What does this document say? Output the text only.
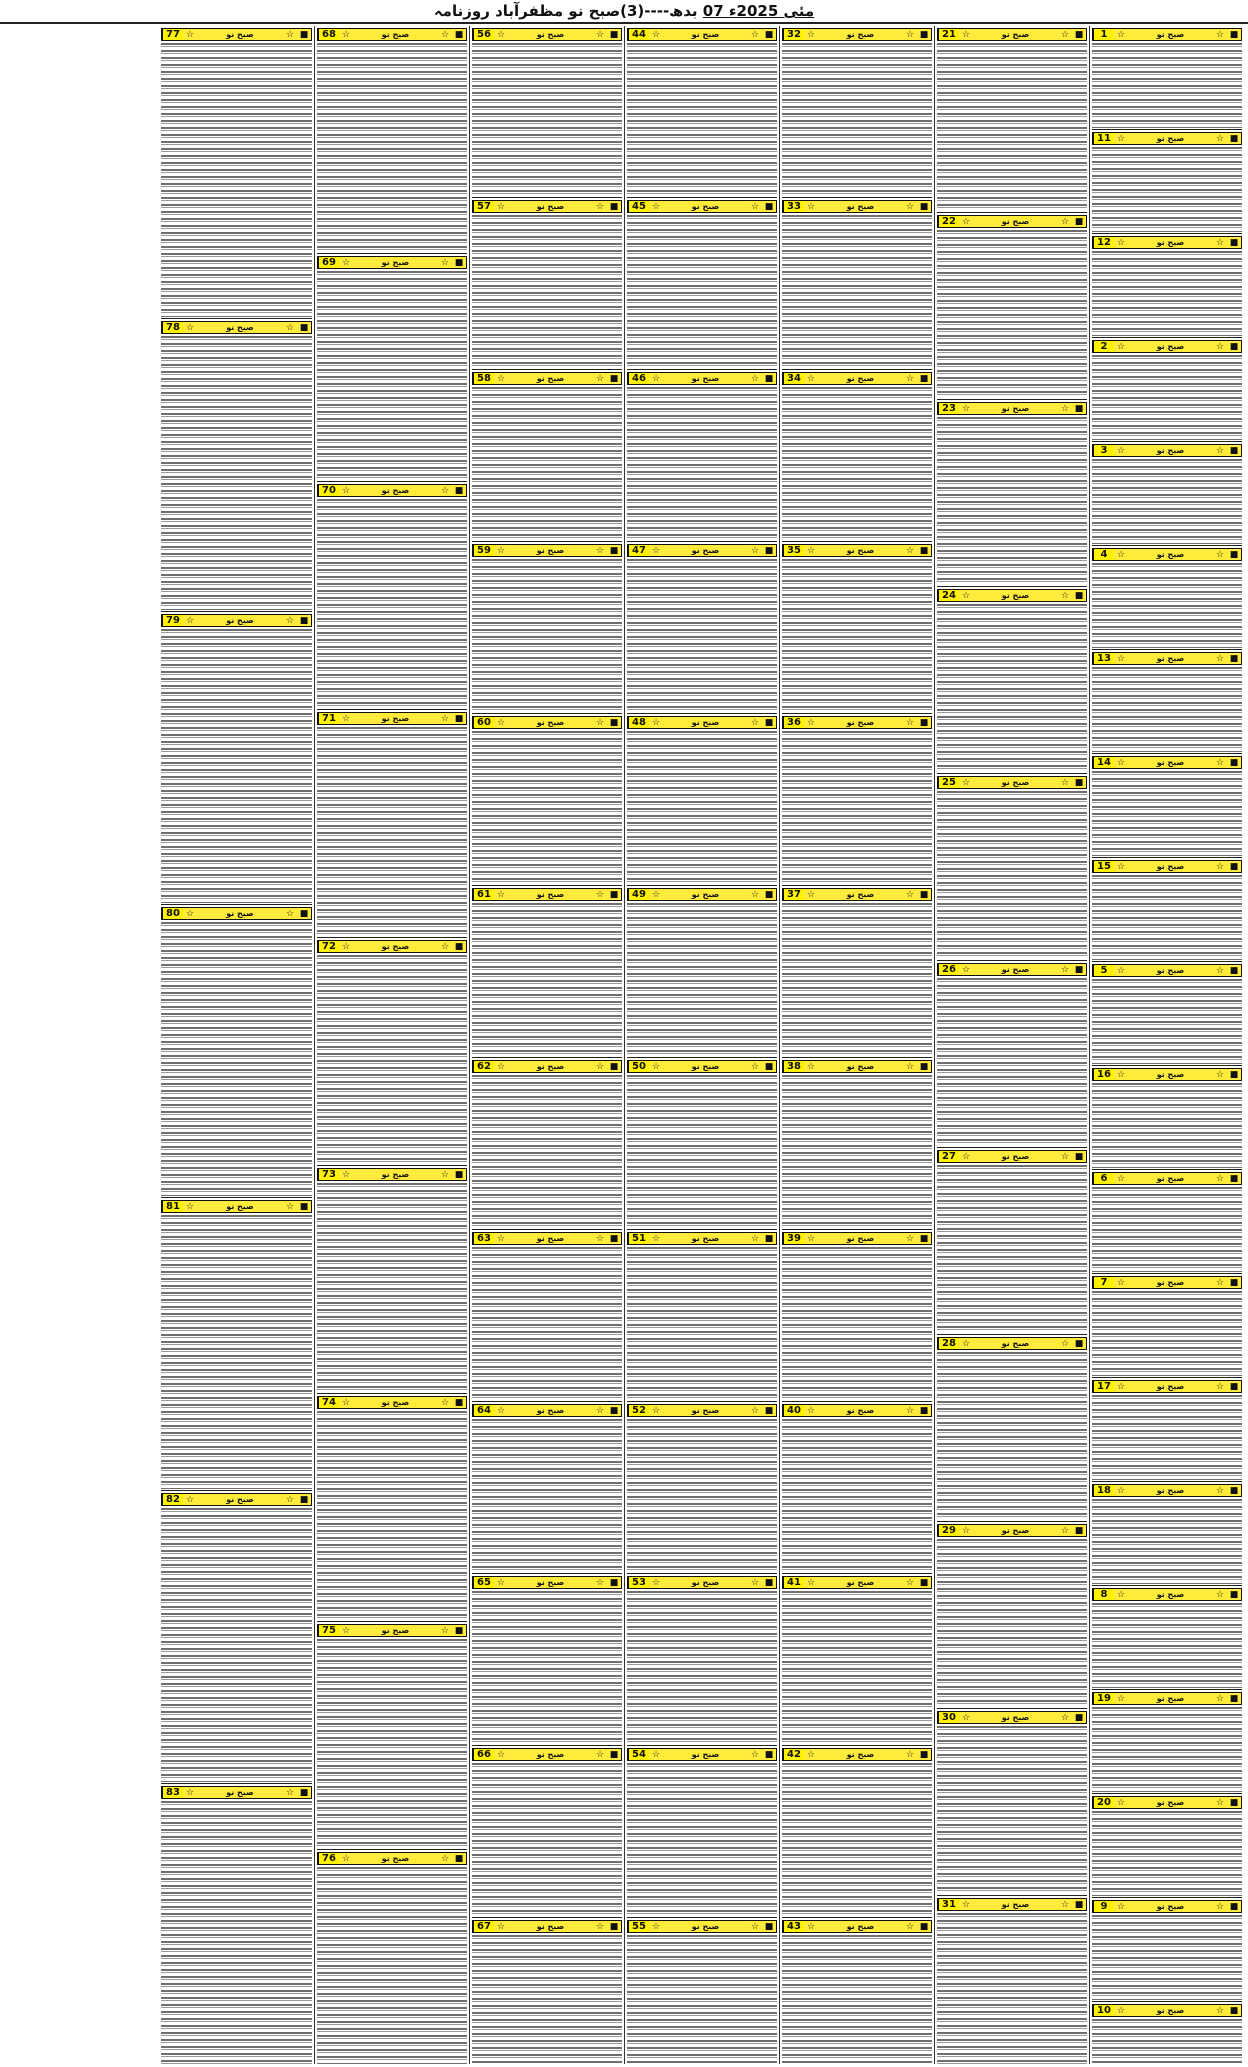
روزنامہ
صبح نو مظفرآباد (3) ---- بدھ
07 مئی 2025ء
1	☆	صبح نو	☆ ■
11 ☆	صبح نو	☆ ■
12 ☆	صبح نو	☆ ■
2	☆	صبح نو	☆ ■
3	☆	صبح نو	☆ ■
4	☆	صبح نو	☆ ■
13 ☆	صبح نو	☆ ■
14 ☆	صبح نو	☆ ■
15 ☆	صبح نو	☆ ■
5	☆	صبح نو	☆ ■
16 ☆	صبح نو	☆ ■
6	☆	صبح نو	☆ ■
7	☆	صبح نو	☆ ■
17 ☆	صبح نو	☆ ■
18 ☆	صبح نو	☆ ■
8	☆	صبح نو	☆ ■
19 ☆	صبح نو	☆ ■
20 ☆	صبح نو	☆ ■
9	☆	صبح نو	☆ ■
10 ☆	صبح نو	☆ ■
21 ☆	صبح نو	☆ ■
22 ☆	صبح نو	☆ ■
23 ☆	صبح نو	☆ ■
24 ☆	صبح نو	☆ ■
25 ☆	صبح نو	☆ ■
26 ☆	صبح نو	☆ ■
27 ☆	صبح نو	☆ ■
28 ☆	صبح نو	☆ ■
29 ☆	صبح نو	☆ ■
30 ☆	صبح نو	☆ ■
31 ☆	صبح نو	☆ ■
32 ☆	صبح نو	☆ ■
33 ☆	صبح نو	☆ ■
34 ☆	صبح نو	☆ ■
35 ☆	صبح نو	☆ ■
36 ☆	صبح نو	☆ ■
37 ☆	صبح نو	☆ ■
38 ☆	صبح نو	☆ ■
39 ☆	صبح نو	☆ ■
40 ☆	صبح نو	☆ ■
41 ☆	صبح نو	☆ ■
42 ☆	صبح نو	☆ ■
43 ☆	صبح نو	☆ ■
44 ☆	صبح نو	☆ ■
45 ☆	صبح نو	☆ ■
46 ☆	صبح نو	☆ ■
47 ☆	صبح نو	☆ ■
48 ☆	صبح نو	☆ ■
49 ☆	صبح نو	☆ ■
50 ☆	صبح نو	☆ ■
51 ☆	صبح نو	☆ ■
52 ☆	صبح نو	☆ ■
53 ☆	صبح نو	☆ ■
54 ☆	صبح نو	☆ ■
55 ☆	صبح نو	☆ ■
56 ☆	صبح نو	☆ ■
57 ☆	صبح نو	☆ ■
58 ☆	صبح نو	☆ ■
59 ☆	صبح نو	☆ ■
60 ☆	صبح نو	☆ ■
61 ☆	صبح نو	☆ ■
62 ☆	صبح نو	☆ ■
63 ☆	صبح نو	☆ ■
64 ☆	صبح نو	☆ ■
65 ☆	صبح نو	☆ ■
66 ☆	صبح نو	☆ ■
67 ☆	صبح نو	☆ ■
68 ☆	صبح نو	☆ ■
69 ☆	صبح نو	☆ ■
70 ☆	صبح نو	☆ ■
71 ☆	صبح نو	☆ ■
72 ☆	صبح نو	☆ ■
73 ☆	صبح نو	☆ ■
74 ☆	صبح نو	☆ ■
75 ☆	صبح نو	☆ ■
76 ☆	صبح نو	☆ ■
77 ☆	صبح نو	☆ ■
78 ☆	صبح نو	☆ ■
79 ☆	صبح نو	☆ ■
80 ☆	صبح نو	☆ ■
81 ☆	صبح نو	☆ ■
82 ☆	صبح نو	☆ ■
83 ☆	صبح نو	☆ ■
